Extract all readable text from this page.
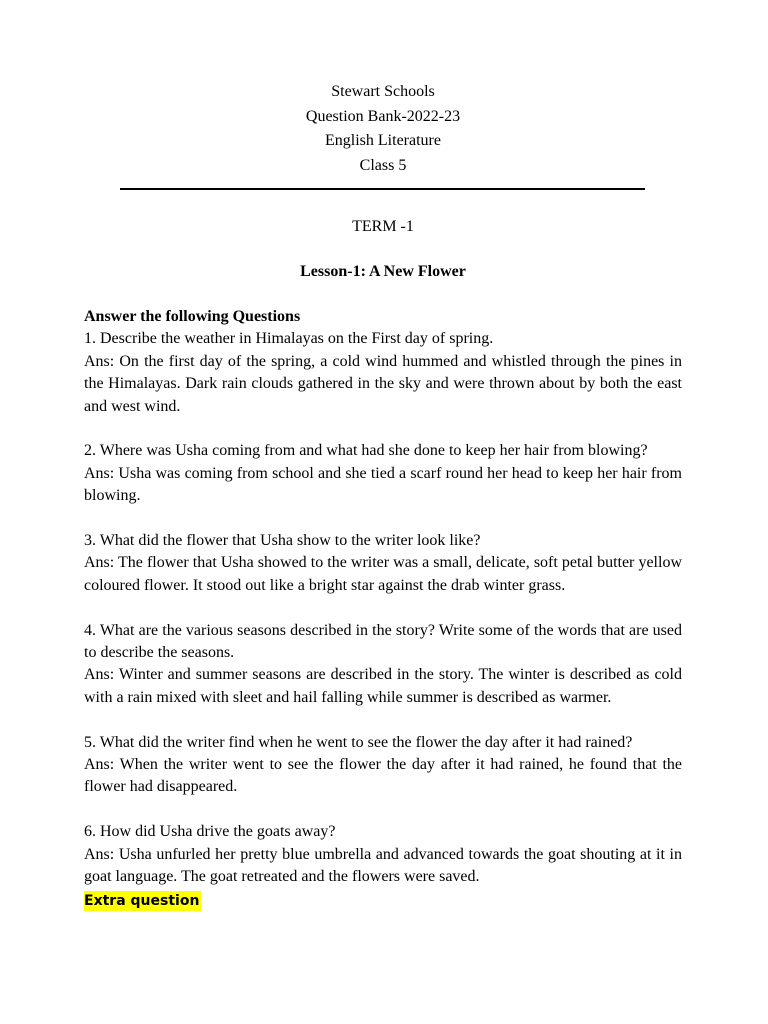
Stewart Schools
Question Bank-2022-23
English Literature
Class 5
TERM -1
Lesson-1: A New Flower

Answer the following Questions

1. Describe the weather in Himalayas on the First day of spring.

Ans: On the first day of the spring, a cold wind hummed and whistled through the pines in the Himalayas. Dark rain clouds gathered in the sky and were thrown about by both the east and west wind.

2. Where was Usha coming from and what had she done to keep her hair from blowing?

Ans: Usha was coming from school and she tied a scarf round her head to keep her hair from blowing.

3. What did the flower that Usha show to the writer look like?

Ans: The flower that Usha showed to the writer was a small, delicate, soft petal butter yellow coloured flower. It stood out like a bright star against the drab winter grass.

4. What are the various seasons described in the story? Write some of the words that are used to describe the seasons.

Ans: Winter and summer seasons are described in the story. The winter is described as cold with a rain mixed with sleet and hail falling while summer is described as warmer.

5. What did the writer find when he went to see the flower the day after it had rained?

Ans: When the writer went to see the flower the day after it had rained, he found that the flower had disappeared.

6. How did Usha drive the goats away?

Ans: Usha unfurled her pretty blue umbrella and advanced towards the goat shouting at it in goat language. The goat retreated and the flowers were saved.

Extra question
